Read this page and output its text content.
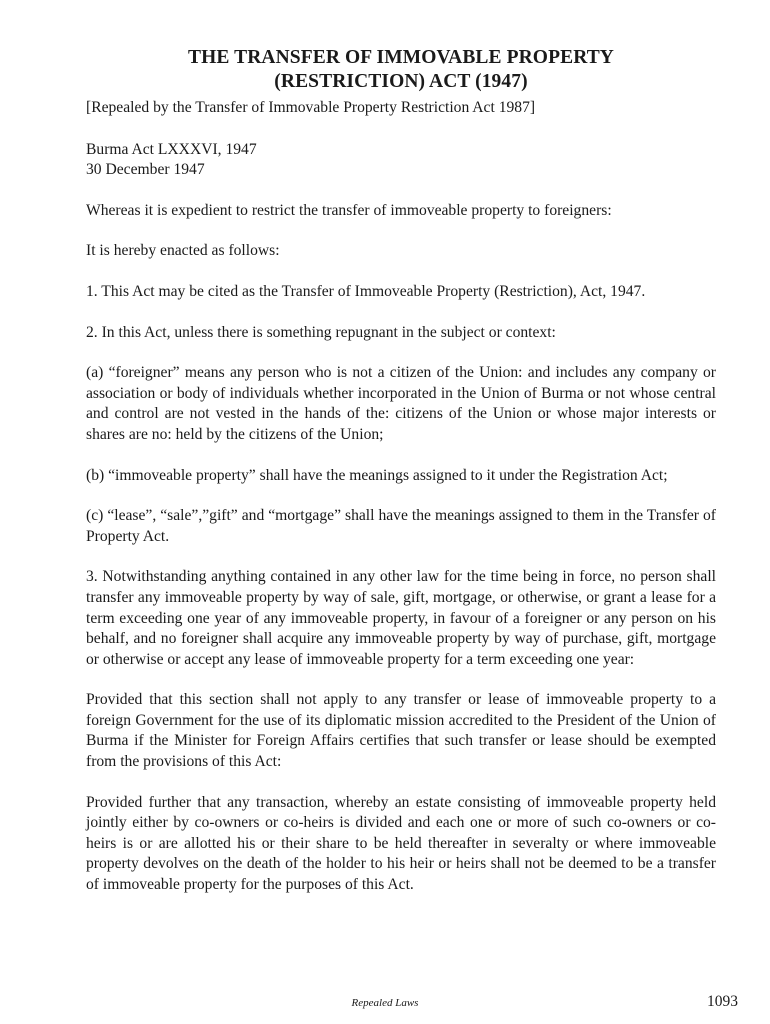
THE TRANSFER OF IMMOVABLE PROPERTY
(RESTRICTION) ACT (1947)

[Repealed by the Transfer of Immovable Property Restriction Act 1987]

Burma Act LXXXVI, 1947
30 December 1947

Whereas it is expedient to restrict the transfer of immoveable property to foreigners:

It is hereby enacted as follows:

1. This Act may be cited as the Transfer of Immoveable Property (Restriction), Act, 1947.

2. In this Act, unless there is something repugnant in the subject or context:

(a) “foreigner” means any person who is not a citizen of the Union: and includes any company or association or body of individuals whether incorporated in the Union of Burma or not whose central and control are not vested in the hands of the: citizens of the Union or whose major interests or shares are no: held by the citizens of the Union;

(b) “immoveable property” shall have the meanings assigned to it under the Registration Act;

(c) “lease”, “sale”,”gift” and “mortgage” shall have the meanings assigned to them in the Transfer of Property Act.

3. Notwithstanding anything contained in any other law for the time being in force, no person shall transfer any immoveable property by way of sale, gift, mortgage, or otherwise, or grant a lease for a term exceeding one year of any immoveable property, in favour of a foreigner or any person on his behalf, and no foreigner shall acquire any immoveable property by way of purchase, gift, mortgage or otherwise or accept any lease of immoveable property for a term exceeding one year:

Provided that this section shall not apply to any transfer or lease of immoveable property to a foreign Government for the use of its diplomatic mission accredited to the President of the Union of Burma if the Minister for Foreign Affairs certifies that such transfer or lease should be exempted from the provisions of this Act:

Provided further that any transaction, whereby an estate consisting of immoveable property held jointly either by co-owners or co-heirs is divided and each one or more of such co-owners or co-heirs is or are allotted his or their share to be held thereafter in severalty or where immoveable property devolves on the death of the holder to his heir or heirs shall not be deemed to be a transfer of immoveable property for the purposes of this Act.

Repealed Laws	1093
